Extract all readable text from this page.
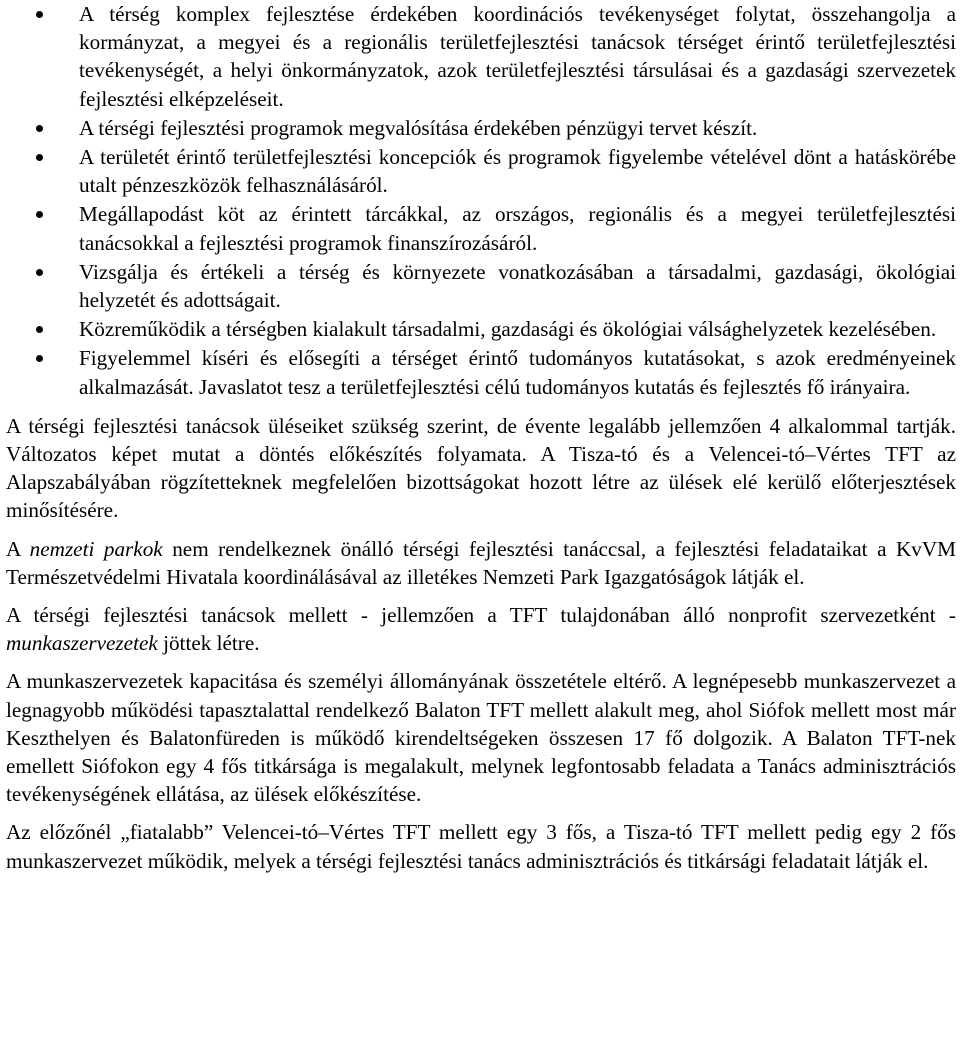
A térség komplex fejlesztése érdekében koordinációs tevékenységet folytat, összehangolja a kormányzat, a megyei és a regionális területfejlesztési tanácsok térséget érintő területfejlesztési tevékenységét, a helyi önkormányzatok, azok területfejlesztési társulásai és a gazdasági szervezetek fejlesztési elképzeléseit.
A térségi fejlesztési programok megvalósítása érdekében pénzügyi tervet készít.
A területét érintő területfejlesztési koncepciók és programok figyelembe vételével dönt a hatáskörébe utalt pénzeszközök felhasználásáról.
Megállapodást köt az érintett tárcákkal, az országos, regionális és a megyei területfejlesztési tanácsokkal a fejlesztési programok finanszírozásáról.
Vizsgálja és értékeli a térség és környezete vonatkozásában a társadalmi, gazdasági, ökológiai helyzetét és adottságait.
Közreműködik a térségben kialakult társadalmi, gazdasági és ökológiai válsághelyzetek kezelésében.
Figyelemmel kíséri és elősegíti a térséget érintő tudományos kutatásokat, s azok eredményeinek alkalmazását. Javaslatot tesz a területfejlesztési célú tudományos kutatás és fejlesztés fő irányaira.

A térségi fejlesztési tanácsok üléseiket szükség szerint, de évente legalább jellemzően 4 alkalommal tartják. Változatos képet mutat a döntés előkészítés folyamata. A Tisza-tó és a Velencei-tó–Vértes TFT az Alapszabályában rögzítetteknek megfelelően bizottságokat hozott létre az ülések elé kerülő előterjesztések minősítésére.

A nemzeti parkok nem rendelkeznek önálló térségi fejlesztési tanáccsal, a fejlesztési feladataikat a KvVM Természetvédelmi Hivatala koordinálásával az illetékes Nemzeti Park Igazgatóságok látják el.

A térségi fejlesztési tanácsok mellett - jellemzően a TFT tulajdonában álló nonprofit szervezetként - munkaszervezetek jöttek létre.

A munkaszervezetek kapacitása és személyi állományának összetétele eltérő. A legnépesebb munkaszervezet a legnagyobb működési tapasztalattal rendelkező Balaton TFT mellett alakult meg, ahol Siófok mellett most már Keszthelyen és Balatonfüreden is működő kirendeltségeken összesen 17 fő dolgozik. A Balaton TFT-nek emellett Siófokon egy 4 fős titkársága is megalakult, melynek legfontosabb feladata a Tanács adminisztrációs tevékenységének ellátása, az ülések előkészítése.

Az előzőnél „fiatalabb” Velencei-tó–Vértes TFT mellett egy 3 fős, a Tisza-tó TFT mellett pedig egy 2 fős munkaszervezet működik, melyek a térségi fejlesztési tanács adminisztrációs és titkársági feladatait látják el.
